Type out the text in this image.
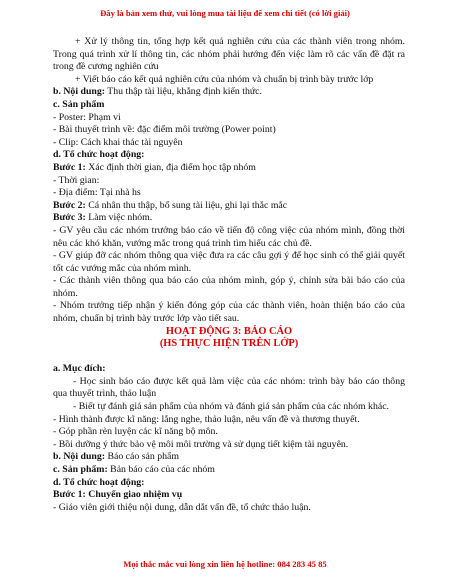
Đây là bản xem thử, vui lòng mua tài liệu để xem chi tiết (có lời giải)
+ Xử lý thông tin, tổng hợp kết quả nghiên cứu của các thành viên trong nhóm. Trong quá trình xử lí thông tin, các nhóm phải hướng đến việc làm rõ các vấn đề đặt ra trong đề cương nghiên cứu
+ Viết báo cáo kết quả nghiên cứu của nhóm và chuẩn bị trình bày trước lớp
b. Nội dung: Thu thập tài liệu, khẳng định kiến thức.
c. Sản phẩm
- Poster: Phạm vi
- Bài thuyết trình về: đặc điểm môi trường (Power point)
- Clip: Cách khai thác tài nguyên
d. Tổ chức hoạt động:
Bước 1: Xác định thời gian, địa điểm học tập nhóm
- Thời gian:
- Địa điểm: Tại nhà hs
Bước 2: Cá nhân thu thập, bổ sung tài liệu, ghi lại thắc mắc
Bước 3: Làm việc nhóm.
- GV yêu cầu các nhóm trưởng báo cáo về tiến độ công việc của nhóm mình, đồng thời nêu các khó khăn, vướng mắc trong quá trình tìm hiểu các chủ đề.
- GV giúp đỡ các nhóm thông qua việc đưa ra các câu gợi ý để học sinh có thể giải quyết tốt các vướng mắc của nhóm mình.
- Các thành viên thông qua báo cáo của nhóm mình, góp ý, chỉnh sửa bài báo cáo của nhóm.
- Nhóm trưởng tiếp nhận ý kiến đóng góp của các thành viên, hoàn thiện báo cáo của nhóm, chuẩn bị trình bày trước lớp vào tiết sau.
HOẠT ĐỘNG 3: BÁO CÁO
(HS THỰC HIỆN TRÊN LỚP)
a. Mục đích:
- Học sinh báo cáo được kết quả làm việc của các nhóm: trình bày báo cáo thông qua thuyết trình, thảo luận
- Biết tự đánh giá sản phẩm của nhóm và đánh giá sản phẩm của các nhóm khác.
- Hình thành được kĩ năng: lắng nghe, thảo luận, nêu vấn đề và thương thuyết.
- Góp phần rèn luyện các kĩ năng bộ môn.
- Bồi dưỡng ý thức bảo vệ môi môi trường và sử dụng tiết kiệm tài nguyên.
b. Nội dung: Báo cáo sản phẩm
c. Sản phẩm: Bản báo cáo của các nhóm
d. Tổ chức hoạt động:
Bước 1: Chuyển giao nhiệm vụ
- Giáo viên giới thiệu nội dung, dẫn dắt vấn đề, tổ chức thảo luận.
Mọi thắc mắc vui lòng xin liên hệ hotline: 084 283 45 85
